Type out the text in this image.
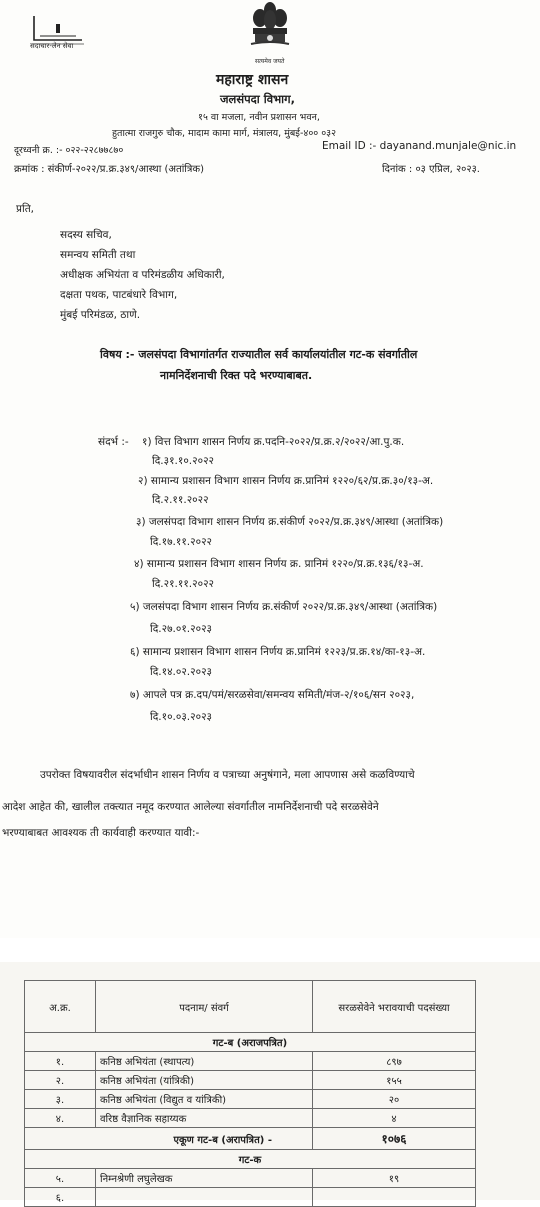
सदाचार-लेन सेवा
सत्यमेव जयते
महाराष्ट्र शासन
जलसंपदा विभाग,
१५ वा मजला, नवीन प्रशासन भवन,
हुतात्मा राजगुरु चौक, मादाम कामा मार्ग, मंत्रालय, मुंबई-४०० ०३२
दूरध्वनी क्र. :- ०२२-२२८७७८७०	Email ID :- dayanand.munjale@nic.in
क्रमांक : संकीर्ण-२०२२/प्र.क्र.३४९/आस्था (अतांत्रिक)	दिनांक : ०३ एप्रिल, २०२३.
प्रति,
सदस्य सचिव,
समन्वय समिती तथा
अधीक्षक अभियंता व परिमंडळीय अधिकारी,
दक्षता पथक, पाटबंधारे विभाग,
मुंबई परिमंडळ, ठाणे.
विषय :- जलसंपदा विभागांतर्गत राज्यातील सर्व कार्यालयांतील गट-क संवर्गातील
नामनिर्देशनाची रिक्त पदे भरण्याबाबत.
संदर्भ :- १) वित्त विभाग शासन निर्णय क्र.पदनि-२०२२/प्र.क्र.२/२०२२/आ.पु.क.
दि.३१.१०.२०२२
२) सामान्य प्रशासन विभाग शासन निर्णय क्र.प्रानिमं १२२०/६२/प्र.क्र.३०/१३-अ.
दि.२.११.२०२२
३) जलसंपदा विभाग शासन निर्णय क्र.संकीर्ण २०२२/प्र.क्र.३४९/आस्था (अतांत्रिक)
दि.१७.११.२०२२
४) सामान्य प्रशासन विभाग शासन निर्णय क्र. प्रानिमं १२२०/प्र.क्र.१३६/१३-अ.
दि.२१.११.२०२२
५) जलसंपदा विभाग शासन निर्णय क्र.संकीर्ण २०२२/प्र.क्र.३४९/आस्था (अतांत्रिक)
दि.२७.०१.२०२३
६) सामान्य प्रशासन विभाग शासन निर्णय क्र.प्रानिमं १२२३/प्र.क्र.१४/का-१३-अ.
दि.१४.०२.२०२३
७) आपले पत्र क्र.दप/पमं/सरळसेवा/समन्वय समिती/मंज-२/१०६/सन २०२३,
दि.१०.०३.२०२३
उपरोक्त विषयावरील संदर्भाधीन शासन निर्णय व पत्राच्या अनुषंगाने, मला आपणास असे कळविण्याचे
आदेश आहेत की, खालील तक्त्यात नमूद करण्यात आलेल्या संवर्गातील नामनिर्देशनाची पदे सरळसेवेने
भरण्याबाबत आवश्यक ती कार्यवाही करण्यात यावी:-
अ.क्र.	पदनाम/ संवर्ग	सरळसेवेने भरावयाची पदसंख्या
गट-ब (अराजपत्रित)		
१.	कनिष्ठ अभियंता (स्थापत्य)	८९७
२.	कनिष्ठ अभियंता (यांत्रिकी)	१५५
३.	कनिष्ठ अभियंता (विद्युत व यांत्रिकी)	२०
४.	वरिष्ठ वैज्ञानिक सहाय्यक	४
एकूण गट-ब (अरापत्रित) -		१०७६
गट-क		
५.	निम्नश्रेणी लघुलेखक	१९
६.		
